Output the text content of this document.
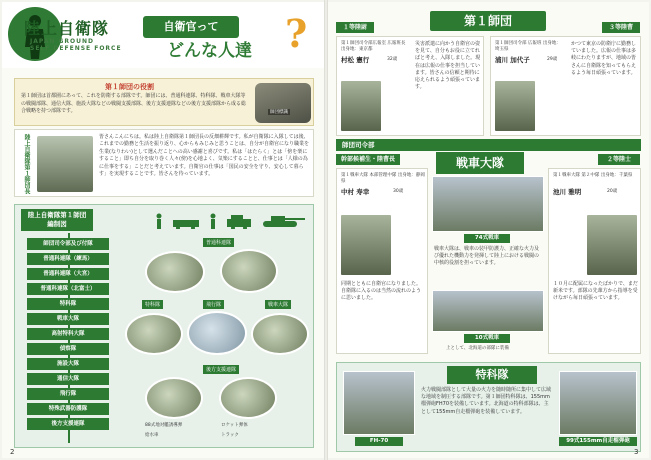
陸上自衛隊
JAPAN GROUND
SELF DEFENSE FORCE
自衛官って
どんな人達 ?
第１師団の役割
第１師団は首都圏にあって、これを防衛する部隊です。師団には、普通科連隊、特科隊、戦車大隊等の戦闘部隊、通信大隊、施設大隊などの戦闘支援部隊、後方支援連隊などの後方支援部隊から成る総合戦略を持つ部隊です。	師団標識
陸上自衛隊第１師団長	皆さんこんにちは。私は陸上自衛隊第１師団長の反畑耕輝です。私が自衛隊に入隊しては後、これまでの勤務と生活を振り返り、心からもみじみと思うことは、自分が自衛官になり職業を生業(なりわい)として選んだことへの高い感謝と喜びです。私は「はたらく」とは「傍を楽にすること」即ち自分を取り巻く人々(傍)を心地よく、気楽にすることと、仕事とは「人様の為に仕事をする」ことだと考えています。自衛官の仕事は「国民の安全を守り、安心して暮らす」を実現することです。皆さんを待っています。
陸上自衛隊第１師団
編制図
師団司令部及び付隊
普通科連隊（練馬）
普通科連隊（大宮）
普通科連隊（北富士）
特科隊
戦車大隊
高射特科大隊
偵察隊
施設大隊
通信大隊
飛行隊
特殊武器防護隊
後方支援連隊
普通科連隊
特科隊	飛行隊	戦車大隊
後方支援連隊
88式地対艦誘導弾	ロケット弾体
給水車	トラック
2
第１師団
１等陸尉	３等陸曹
第１師団司令部広報室 広報班長 出身地：東京都
村松 憲行	32歳
災害派遣に向かう自衛官の姿を見て、自分もお役に立てればと考え、入隊しました。現在は広報の仕事を担当しています。皆さんの信頼と期待に応えられるよう頑張っています。
第１師団司令部 広報班 出身地：埼玉県
浦川 加代子	29歳
かつて東京の防衛庁に勤務していました。広報の仕事は多岐にわたりますが、地域の皆さんに自衛隊を知ってもらえるよう毎日頑張っています。
師団司令部
幹部候補生・陸曹長	２等陸士
戦車大隊
第１戦車大隊 本部管理中隊 出身地：静岡県
中村 寿幸	30歳
同期とともに自衛官になりました。自衛隊に入るのは当然の流れのように思いました。
74式戦車
戦車大隊は、戦車の装甲防護力、正確な火力及び優れた機動力を発揮して陸上における戦闘の中核的役割を担っています。
10式戦車
上として、北海道の部隊に装備
第１戦車大隊 第２中隊 出身地：千葉県
池川 雅明	20歳
１０月に配属になったばかりで、まだ新米です。部隊の先輩方から指導を受けながら毎日頑張っています。
特科隊
FH-70
火力戦闘部隊として大量の火力を随時随所に集中して広域な地域を制圧する部隊です。第１師団特科隊は、155mm榴弾砲FH70を装備しています。北海道の特科部隊は、主として155mm自走榴弾砲を装備しています。
99式155mm自走榴弾砲
3
